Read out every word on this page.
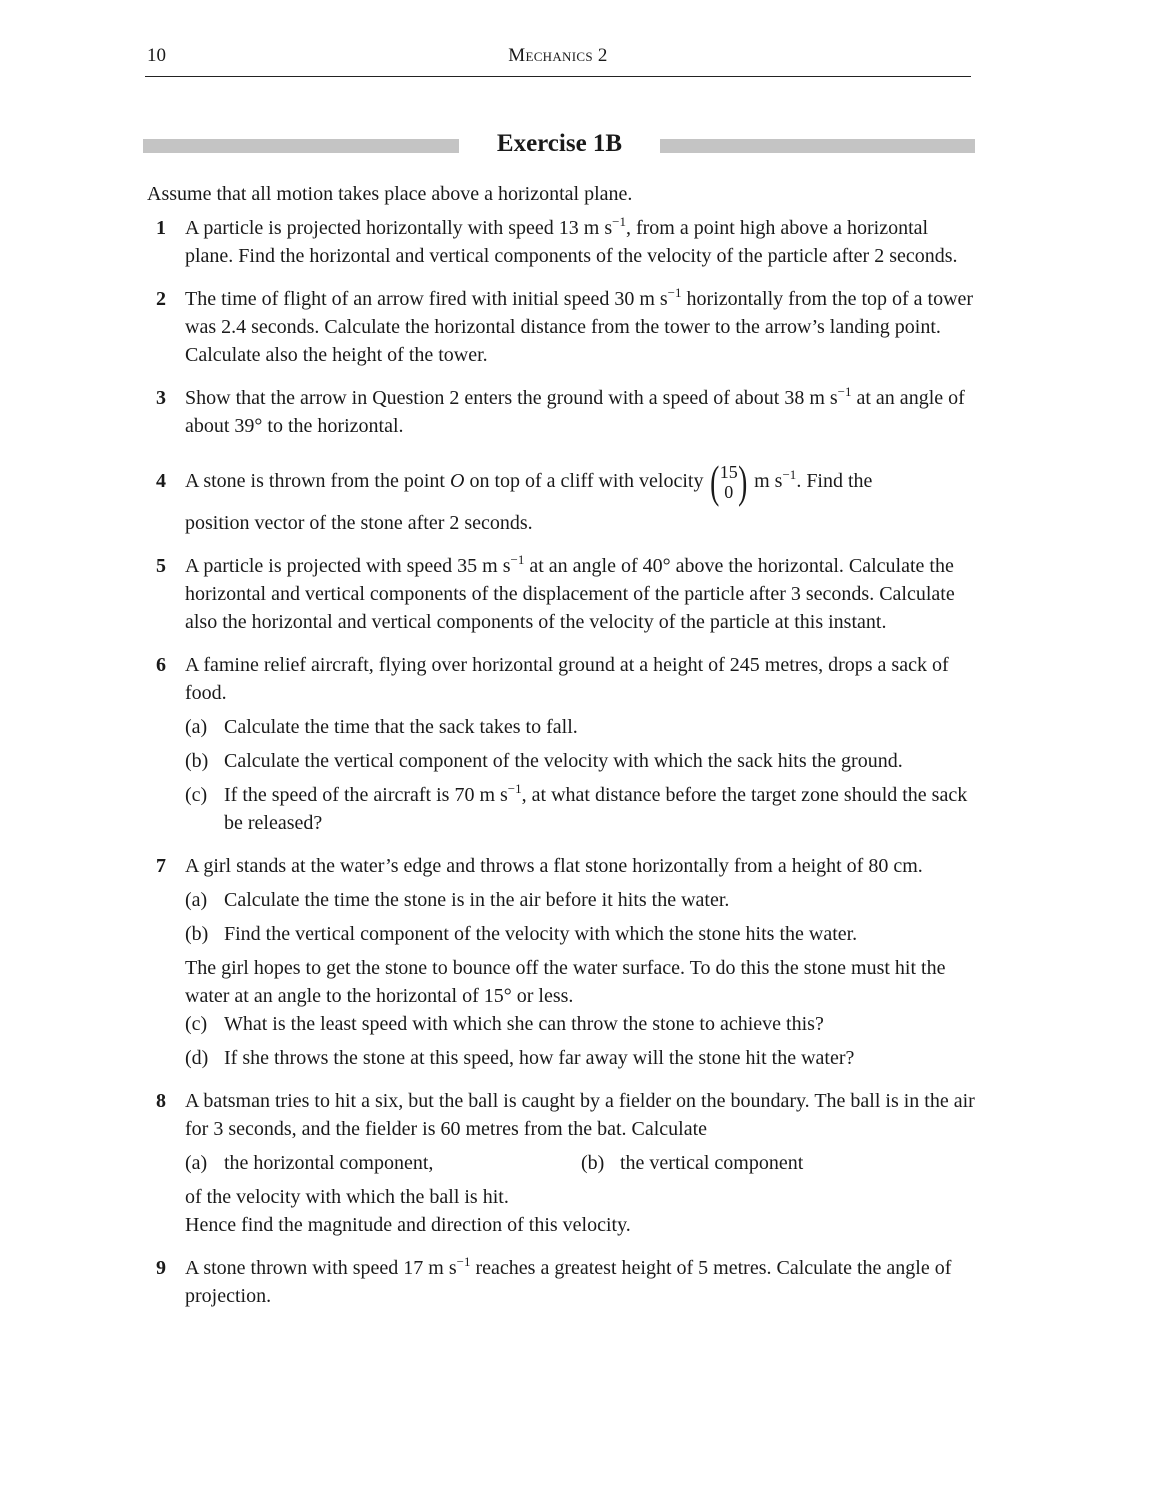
10	Mechanics 2
Exercise 1B

Assume that all motion takes place above a horizontal plane.

1 A particle is projected horizontally with speed 13 m $s^{-1}$, from a point high above a horizontal plane. Find the horizontal and vertical components of the velocity of the particle after 2 seconds.

2 The time of flight of an arrow fired with initial speed 30 m $s^{-1}$ horizontally from the top of a tower was 2.4 seconds. Calculate the horizontal distance from the tower to the arrow’s landing point. Calculate also the height of the tower.

3 Show that the arrow in Question 2 enters the ground with a speed of about 38 m $s^{-1}$ at an angle of about 39° to the horizontal.

4 A stone is thrown from the point O on top of a cliff with velocity ( 15
0 ) m $s^{-1}$. Find the

position vector of the stone after 2 seconds.

5 A particle is projected with speed 35 m $s^{-1}$ at an angle of 40° above the horizontal. Calculate the horizontal and vertical components of the displacement of the particle after 3 seconds. Calculate also the horizontal and vertical components of the velocity of the particle at this instant.

6 A famine relief aircraft, flying over horizontal ground at a height of 245 metres, drops a sack of food.

(a) Calculate the time that the sack takes to fall.
(b) Calculate the vertical component of the velocity with which the sack hits the ground.
(c) If the speed of the aircraft is 70 m $s^{-1}$, at what distance before the target zone should the sack be released?
7 A girl stands at the water’s edge and throws a flat stone horizontally from a height of 80 cm.

(a) Calculate the time the stone is in the air before it hits the water.
(b) Find the vertical component of the velocity with which the stone hits the water.

The girl hopes to get the stone to bounce off the water surface. To do this the stone must hit the water at an angle to the horizontal of 15° or less.

(c) What is the least speed with which she can throw the stone to achieve this?
(d) If she throws the stone at this speed, how far away will the stone hit the water?
8 A batsman tries to hit a six, but the ball is caught by a fielder on the boundary. The ball is in the air for 3 seconds, and the fielder is 60 metres from the bat. Calculate

(a) the horizontal component,	(b) the vertical component

of the velocity with which the ball is hit.

Hence find the magnitude and direction of this velocity.

9 A stone thrown with speed 17 m $s^{-1}$ reaches a greatest height of 5 metres. Calculate the angle of projection.
